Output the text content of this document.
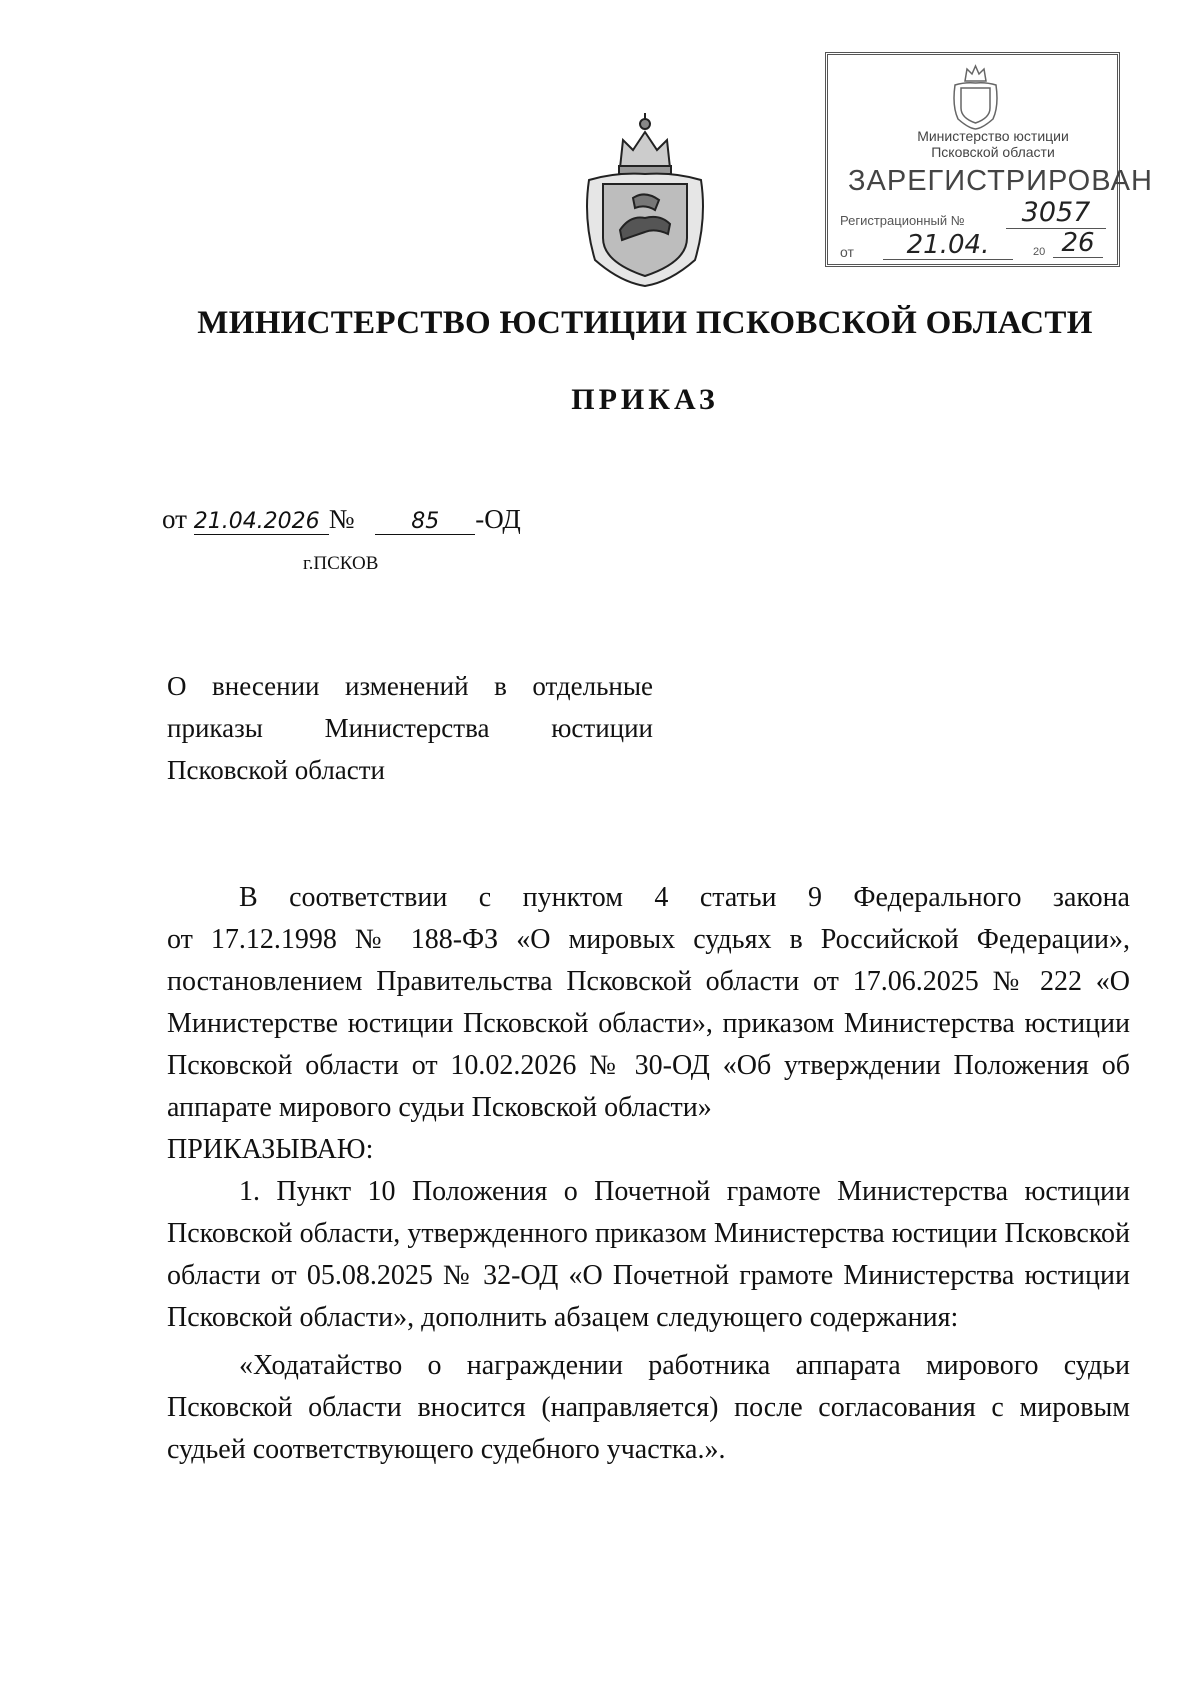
Министерство юстиции
Псковской области
ЗАРЕГИСТРИРОВАН
Регистрационный №	3057
от	21.04.	20 26
МИНИСТЕРСТВО ЮСТИЦИИ ПСКОВСКОЙ ОБЛАСТИ
ПРИКАЗ
от 21.04.2026 №	85 -ОД
г.ПСКОВ
О внесении изменений в отдельные
приказы Министерства юстиции
Псковской области
В соответствии с пунктом 4 статьи 9 Федерального закона
от 17.12.1998 № 188-ФЗ «О мировых судьях в Российской Федерации», постановлением Правительства Псковской области от 17.06.2025 № 222 «О Министерстве юстиции Псковской области», приказом Министерства юстиции Псковской области от 10.02.2026 № 30-ОД «Об утверждении Положения об аппарате мирового судьи Псковской области»
ПРИКАЗЫВАЮ:
1. Пункт 10 Положения о Почетной грамоте Министерства юстиции Псковской области, утвержденного приказом Министерства юстиции Псковской области от 05.08.2025 № 32-ОД «О Почетной грамоте Министерства юстиции Псковской области», дополнить абзацем следующего содержания:
«Ходатайство о награждении работника аппарата мирового судьи Псковской области вносится (направляется) после согласования с мировым судьей соответствующего судебного участка.».
